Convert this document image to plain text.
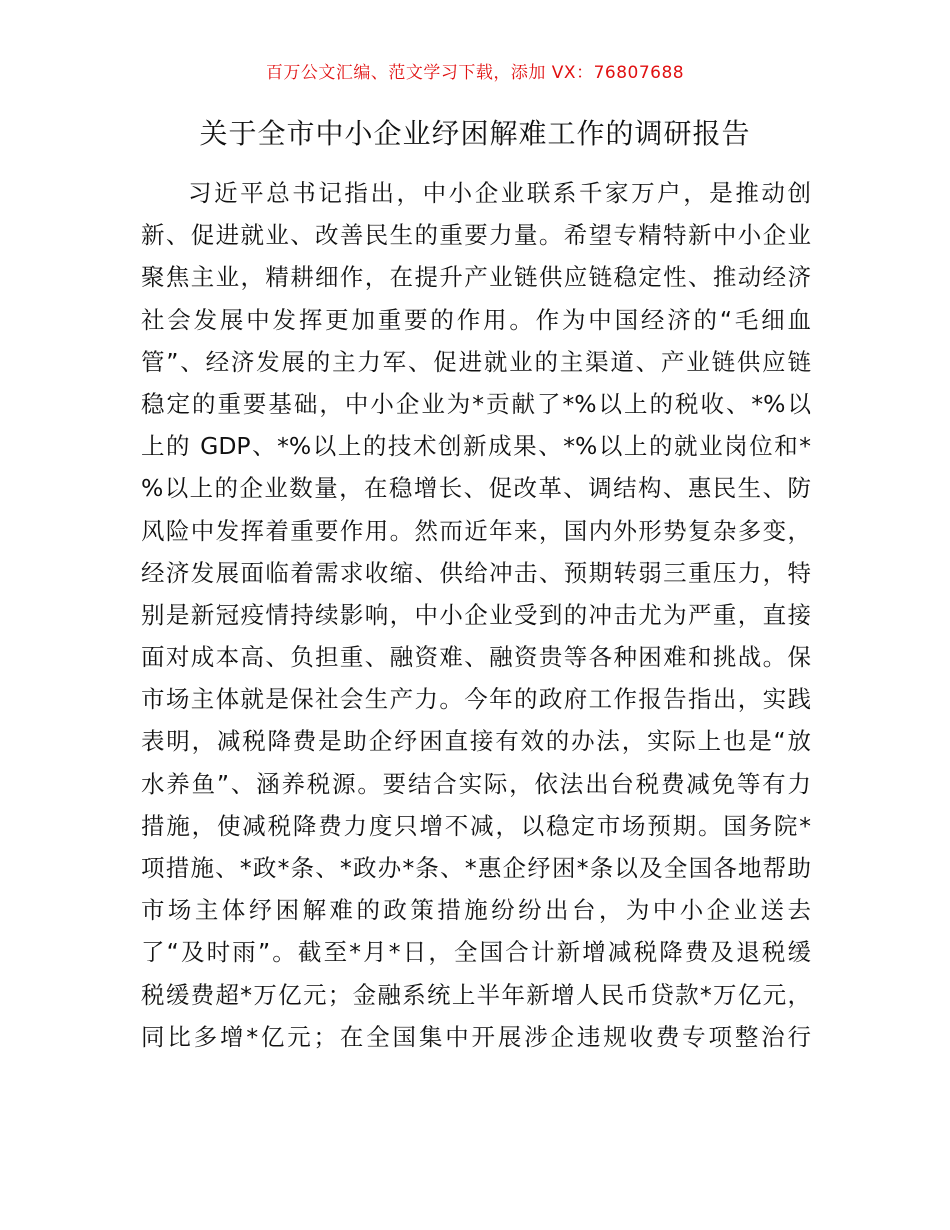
百万公文汇编、范文学习下载，添加 VX：76807688
关于全市中小企业纾困解难工作的调研报告
习近平总书记指出，中小企业联系千家万户，是推动创
新、促进就业、改善民生的重要力量。希望专精特新中小企业
聚焦主业，精耕细作，在提升产业链供应链稳定性、推动经济
社会发展中发挥更加重要的作用。作为中国经济的“毛细血
管”、经济发展的主力军、促进就业的主渠道、产业链供应链
稳定的重要基础，中小企业为*贡献了*%以上的税收、*%以
上的 GDP、*%以上的技术创新成果、*%以上的就业岗位和*
%以上的企业数量，在稳增长、促改革、调结构、惠民生、防
风险中发挥着重要作用。然而近年来，国内外形势复杂多变，
经济发展面临着需求收缩、供给冲击、预期转弱三重压力，特
别是新冠疫情持续影响，中小企业受到的冲击尤为严重，直接
面对成本高、负担重、融资难、融资贵等各种困难和挑战。保
市场主体就是保社会生产力。今年的政府工作报告指出，实践
表明，减税降费是助企纾困直接有效的办法，实际上也是“放
水养鱼”、涵养税源。要结合实际，依法出台税费减免等有力
措施，使减税降费力度只增不减，以稳定市场预期。国务院*
项措施、*政*条、*政办*条、*惠企纾困*条以及全国各地帮助
市场主体纾困解难的政策措施纷纷出台，为中小企业送去
了“及时雨”。截至*月*日，全国合计新增减税降费及退税缓
税缓费超*万亿元；金融系统上半年新增人民币贷款*万亿元，
同比多增*亿元；在全国集中开展涉企违规收费专项整治行
